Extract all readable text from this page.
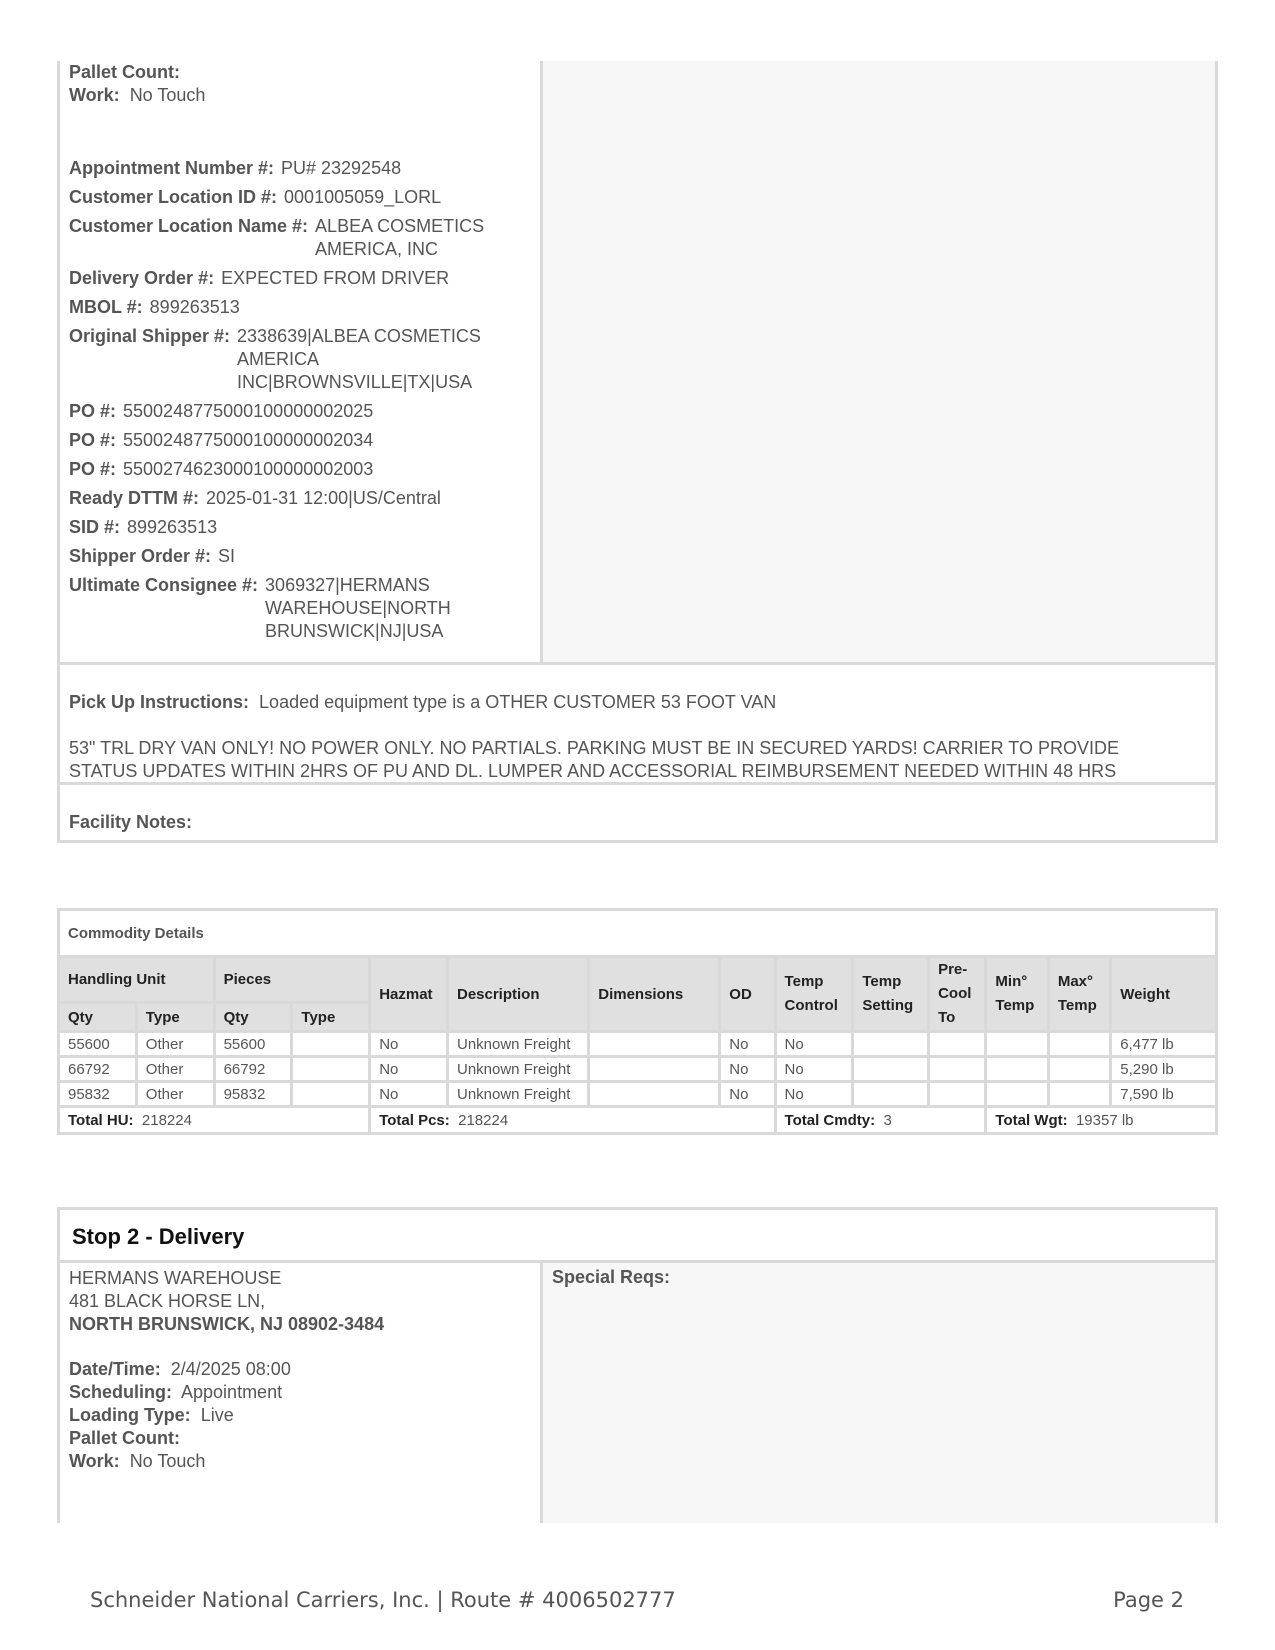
Pallet Count:
Work: No Touch
Appointment Number #: PU# 23292548
Customer Location ID #: 0001005059_LORL
Customer Location Name #: ALBEA COSMETICS AMERICA, INC
Delivery Order #: EXPECTED FROM DRIVER
MBOL #: 899263513
Original Shipper #: 2338639|ALBEA COSMETICS AMERICA INC|BROWNSVILLE|TX|USA
PO #: 550024877500010000000​2025
PO #: 5500248775000100000002034
PO #: 5500274623000100000002003
Ready DTTM #: 2025-01-31 12:00|US/Central
SID #: 899263513
Shipper Order #: SI
Ultimate Consignee #: 3069327|HERMANS WAREHOUSE|NORTH BRUNSWICK|NJ|USA
Pick Up Instructions: Loaded equipment type is a OTHER CUSTOMER 53 FOOT VAN
53" TRL DRY VAN ONLY! NO POWER ONLY. NO PARTIALS. PARKING MUST BE IN SECURED YARDS! CARRIER TO PROVIDE STATUS UPDATES WITHIN 2HRS OF PU AND DL. LUMPER AND ACCESSORIAL REIMBURSEMENT NEEDED WITHIN 48 HRS
Facility Notes:
Commodity Details													
Handling Unit		Pieces		Hazmat	Description	Dimensions	OD	Temp Control	Temp Setting	Pre-Cool To	Min° Temp	Max° Temp	Weight
Qty	Type	Qty	Type										
55600	Other	55600		No	Unknown Freight		No	No					6,477 lb
66792	Other	66792		No	Unknown Freight		No	No					5,290 lb
95832	Other	95832		No	Unknown Freight		No	No					7,590 lb
Total HU: 218224				Total Pcs: 218224				Total Cmdty: 3			Total Wgt: 19357 lb		
Stop 2 - Delivery
HERMANS WAREHOUSE
481 BLACK HORSE LN,
NORTH BRUNSWICK, NJ 08902-3484
Date/Time: 2/4/2025 08:00
Scheduling: Appointment
Loading Type: Live
Pallet Count:
Work: No Touch
Special Reqs:
Schneider National Carriers, Inc. | Route # 4006502777	Page 2
